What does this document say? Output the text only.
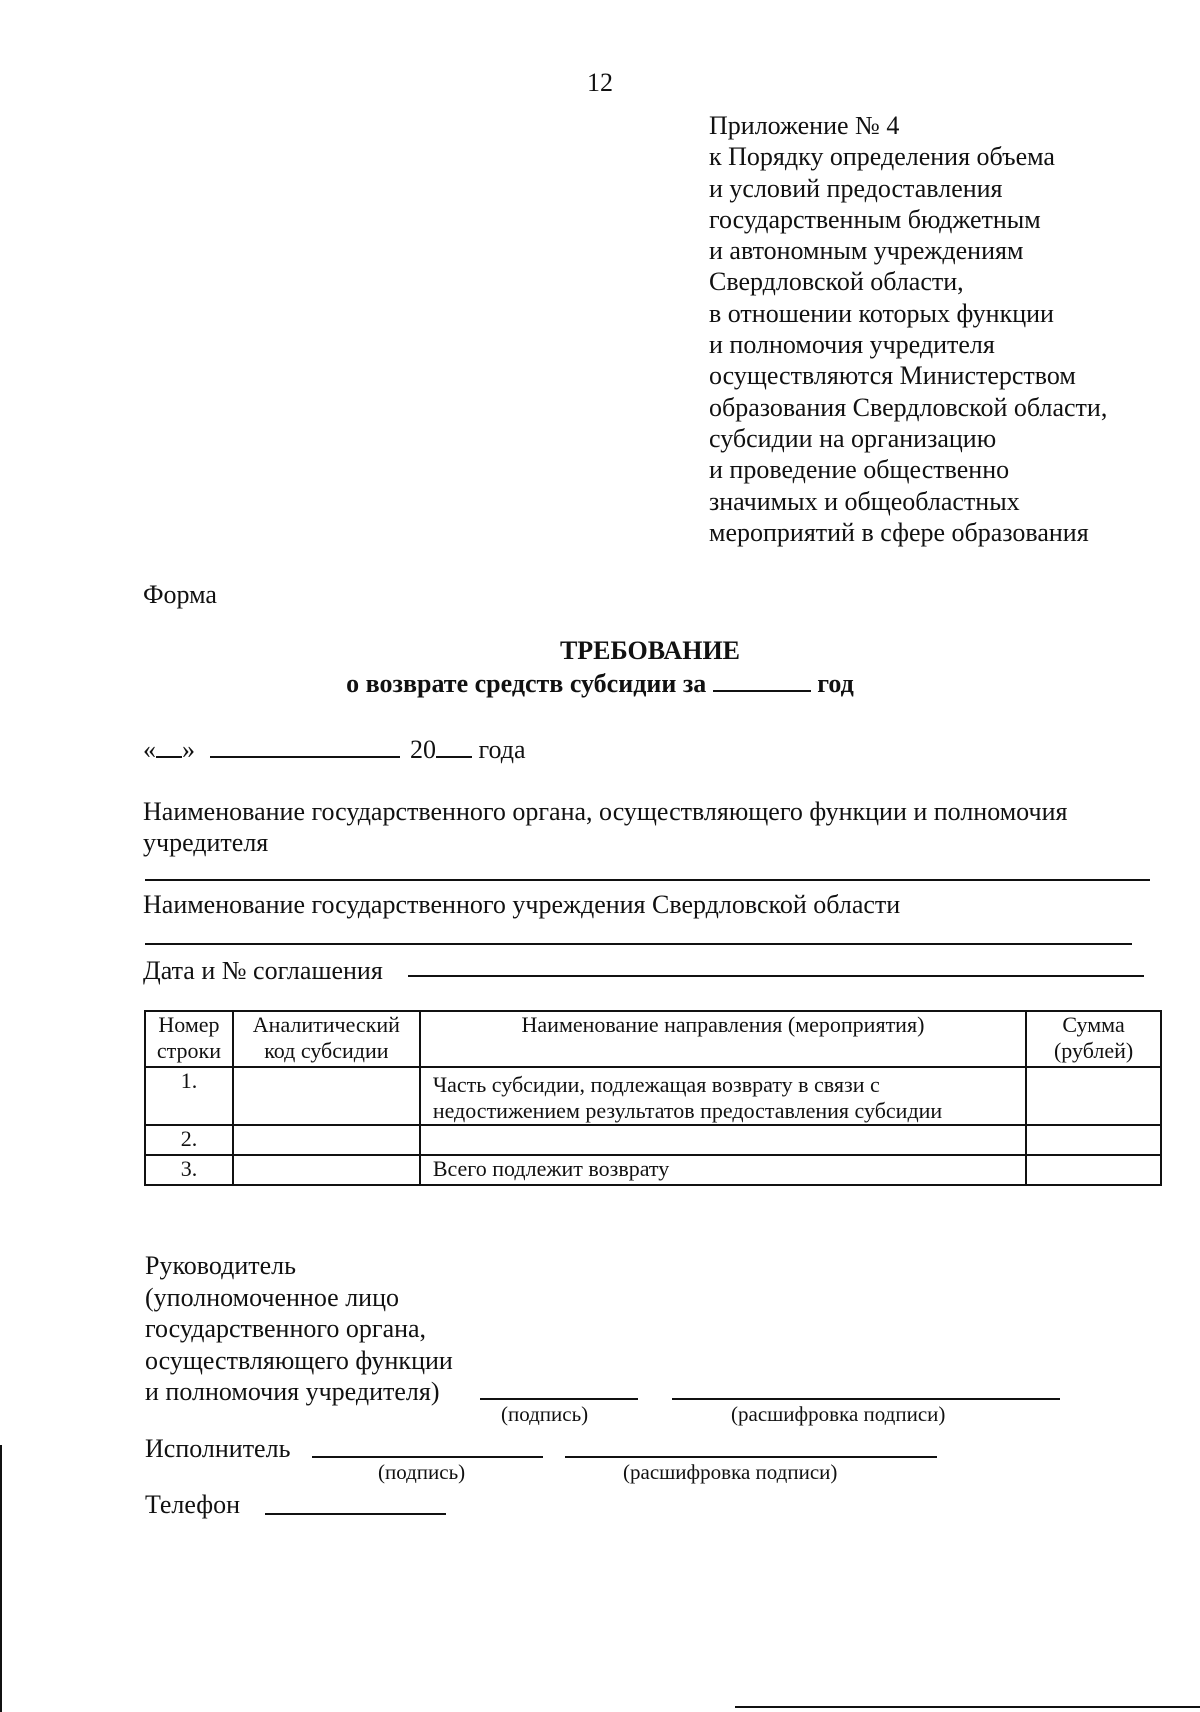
12
Приложение № 4
к Порядку определения объема
и условий предоставления
государственным бюджетным
и автономным учреждениям
Свердловской области,
в отношении которых функции
и полномочия учредителя
осуществляются Министерством
образования Свердловской области,
субсидии на организацию
и проведение общественно
значимых и общеобластных
мероприятий в сфере образования
Форма
ТРЕБОВАНИЕ
о возврате средств субсидии за	год
« »	20 года
Наименование государственного органа, осуществляющего функции и полномочия учредителя
Наименование государственного учреждения Свердловской области
Дата и № соглашения
Номер строки	Аналитический код субсидии	Наименование направления (мероприятия)	Сумма (рублей)
1.		Часть субсидии, подлежащая возврату в связи с недостижением результатов предоставления субсидии	
2.			
3.		Всего подлежит возврату	
Руководитель
(уполномоченное лицо
государственного органа,
осуществляющего функции
и полномочия учредителя)
(подпись)	(расшифровка подписи)
Исполнитель
(подпись)	(расшифровка подписи)
Телефон
